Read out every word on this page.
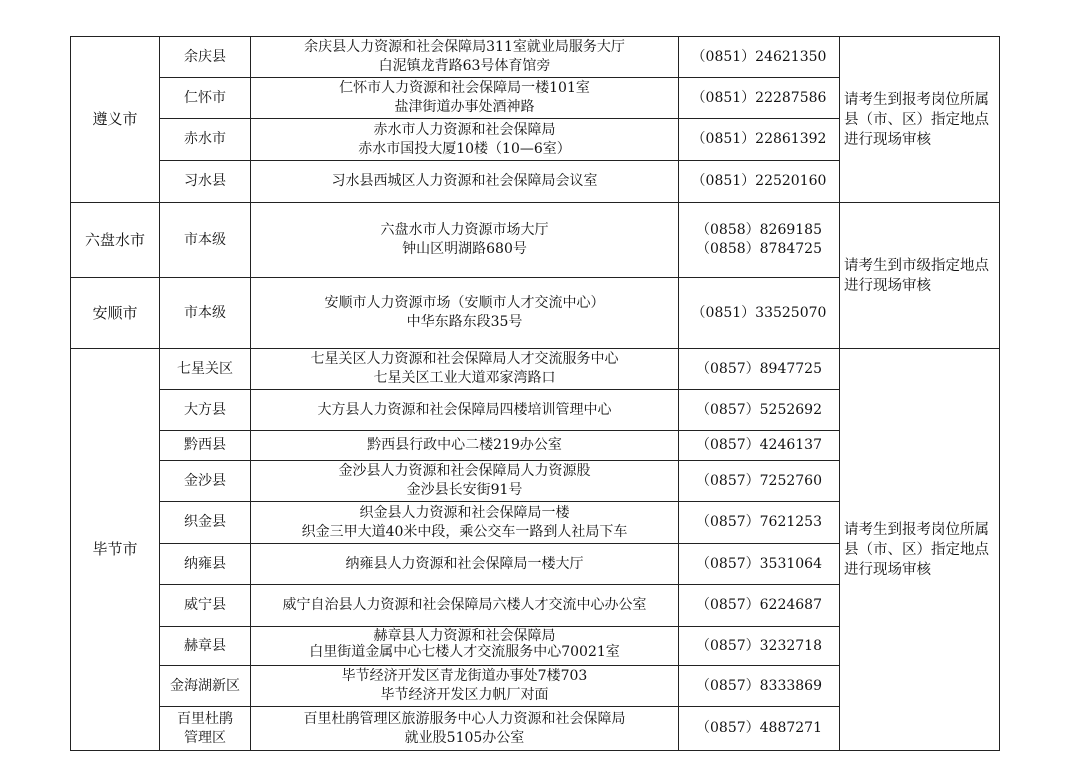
遵义市	余庆县	余庆县人力资源和社会保障局311室就业局服务大厅
白泥镇龙背路63号体育馆旁	（0851）24621350	请考生到报考岗位所属县（市、区）指定地点进行现场审核

	仁怀市	仁怀市人力资源和社会保障局一楼101室
盐津街道办事处酒神路	（0851）22287586	

	赤水市	赤水市人力资源和社会保障局
赤水市国投大厦10楼（10—6室）	（0851）22861392	

	习水县	习水县西城区人力资源和社会保障局会议室	（0851）22520160	

六盘水市	市本级	六盘水市人力资源市场大厅
钟山区明湖路680号	（0858）8269185
（0858）8784725	请考生到市级指定地点进行现场审核
安顺市	市本级	安顺市人力资源市场（安顺市人才交流中心）
中华东路东段35号	（0851）33525070	

毕节市	七星关区	七星关区人力资源和社会保障局人才交流服务中心
七星关区工业大道邓家湾路口	（0857）8947725	请考生到报考岗位所属县（市、区）指定地点进行现场审核

	大方县	大方县人力资源和社会保障局四楼培训管理中心	（0857）5252692	

	黔西县	黔西县行政中心二楼219办公室	（0857）4246137	

	金沙县	金沙县人力资源和社会保障局人力资源股
金沙县长安街91号	（0857）7252760	

	织金县	织金县人力资源和社会保障局一楼
织金三甲大道40米中段，乘公交车一路到人社局下车	（0857）7621253	

	纳雍县	纳雍县人力资源和社会保障局一楼大厅	（0857）3531064	

	威宁县	威宁自治县人力资源和社会保障局六楼人才交流中心办公室	（0857）6224687	

	赫章县	赫章县人力资源和社会保障局
白里街道金属中心七楼人才交流服务中心70021室	（0857）3232718	

	金海湖新区	毕节经济开发区青龙街道办事处7楼703
毕节经济开发区力帆厂对面	（0857）8333869	

	百里杜鹃
管理区	百里杜鹃管理区旅游服务中心人力资源和社会保障局
就业股5105办公室	（0857）4887271	
